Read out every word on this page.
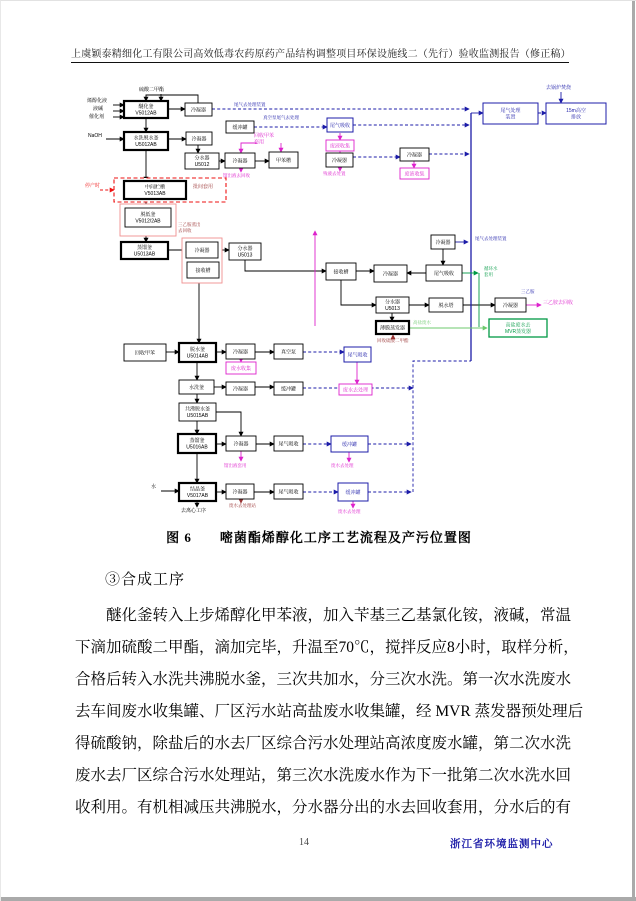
上虞颖泰精细化工有限公司高效低毒农药原药产品结构调整项目环保设施线二（先行）验收监测报告（修正稿）
醚化釜
V5012AB
冷凝器
缓冲罐
水洗脱水釜
U5012AB
冷凝器
分水器
U5012
冷凝器	甲苯槽
尾气吸收
废液收集
冷凝器
冷凝器
废液收集
尾气处理
装置
15m高空
排放
中间贮槽
V5013AB
脱低釜
V5012/2AB
蒸馏釜
U5013AB
冷凝器
接收槽
分水器
U5013
接收槽	冷凝器	尾气吸收
冷凝器
分水器
U5013
脱水塔	冷凝器
薄膜蒸发器	高盐废水去
MVR蒸发器
回收甲苯
脱水釜
U5014AB
冷凝器	真空泵	尾气吸收
废水收集
废水去处理
水洗釜	冷凝器	缓冲罐
共沸脱水釜
U5015AB
蒸馏釜
U5016AB
冷凝器	尾气吸收	缓冲罐
结晶釜
V5017AB
冷凝器	尾气吸收	缓冲罐
烯醇化液
液碱
催化剂
硫酸二甲酯
NaOH
尾气去处理装置
真空泵尾气去处理
去锅炉焚烧
尾气去处理装置
三乙胺
回收甲苯
套用
馏出液去回收	残液去处置
三乙胺去回收
馏出液套用	废水去处理
废水去处理
停产时	批间套用
三乙胺蒸出
去回收
回收硫酸二甲酯
循环水
套用
高盐废水
水
去离心工序
废水去处理站
图 6 嘧菌酯烯醇化工序工艺流程及产污位置图
③合成工序
醚化釜转入上步烯醇化甲苯液，加入苄基三乙基氯化铵，液碱，常温
下滴加硫酸二甲酯，滴加完毕，升温至70℃，搅拌反应8小时，取样分析，
合格后转入水洗共沸脱水釜，三次共加水，分三次水洗。第一次水洗废水
去车间废水收集罐、厂区污水站高盐废水收集罐，经 MVR 蒸发器预处理后
得硫酸钠，除盐后的水去厂区综合污水处理站高浓度废水罐，第二次水洗
废水去厂区综合污水处理站，第三次水洗废水作为下一批第二次水洗水回
收利用。有机相减压共沸脱水，分水器分出的水去回收套用，分水后的有
14	浙江省环境监测中心
